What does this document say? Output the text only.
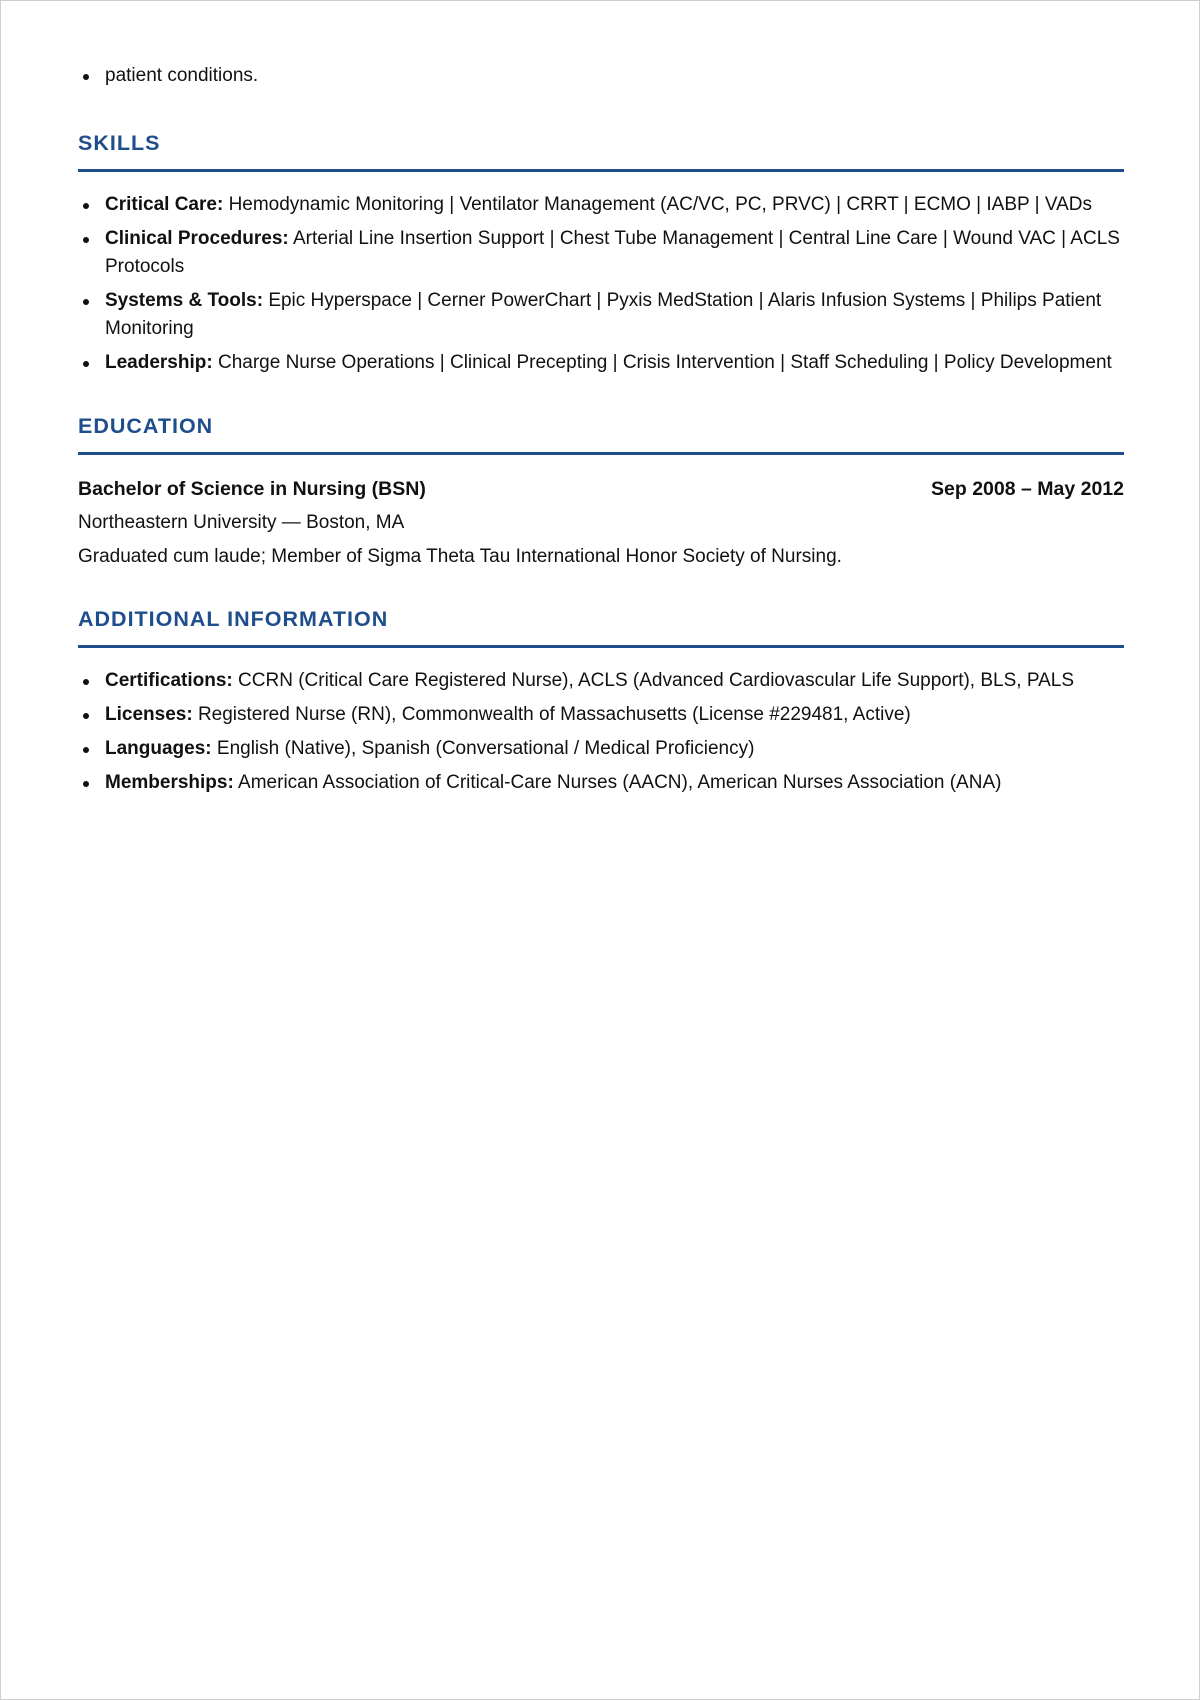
patient conditions.
SKILLS
Critical Care: Hemodynamic Monitoring | Ventilator Management (AC/VC, PC, PRVC) | CRRT | ECMO | IABP | VADs
Clinical Procedures: Arterial Line Insertion Support | Chest Tube Management | Central Line Care | Wound VAC | ACLS Protocols
Systems & Tools: Epic Hyperspace | Cerner PowerChart | Pyxis MedStation | Alaris Infusion Systems | Philips Patient Monitoring
Leadership: Charge Nurse Operations | Clinical Precepting | Crisis Intervention | Staff Scheduling | Policy Development
EDUCATION
Bachelor of Science in Nursing (BSN)	Sep 2008 – May 2012
Northeastern University — Boston, MA
Graduated cum laude; Member of Sigma Theta Tau International Honor Society of Nursing.
ADDITIONAL INFORMATION
Certifications: CCRN (Critical Care Registered Nurse), ACLS (Advanced Cardiovascular Life Support), BLS, PALS
Licenses: Registered Nurse (RN), Commonwealth of Massachusetts (License #229481, Active)
Languages: English (Native), Spanish (Conversational / Medical Proficiency)
Memberships: American Association of Critical-Care Nurses (AACN), American Nurses Association (ANA)
